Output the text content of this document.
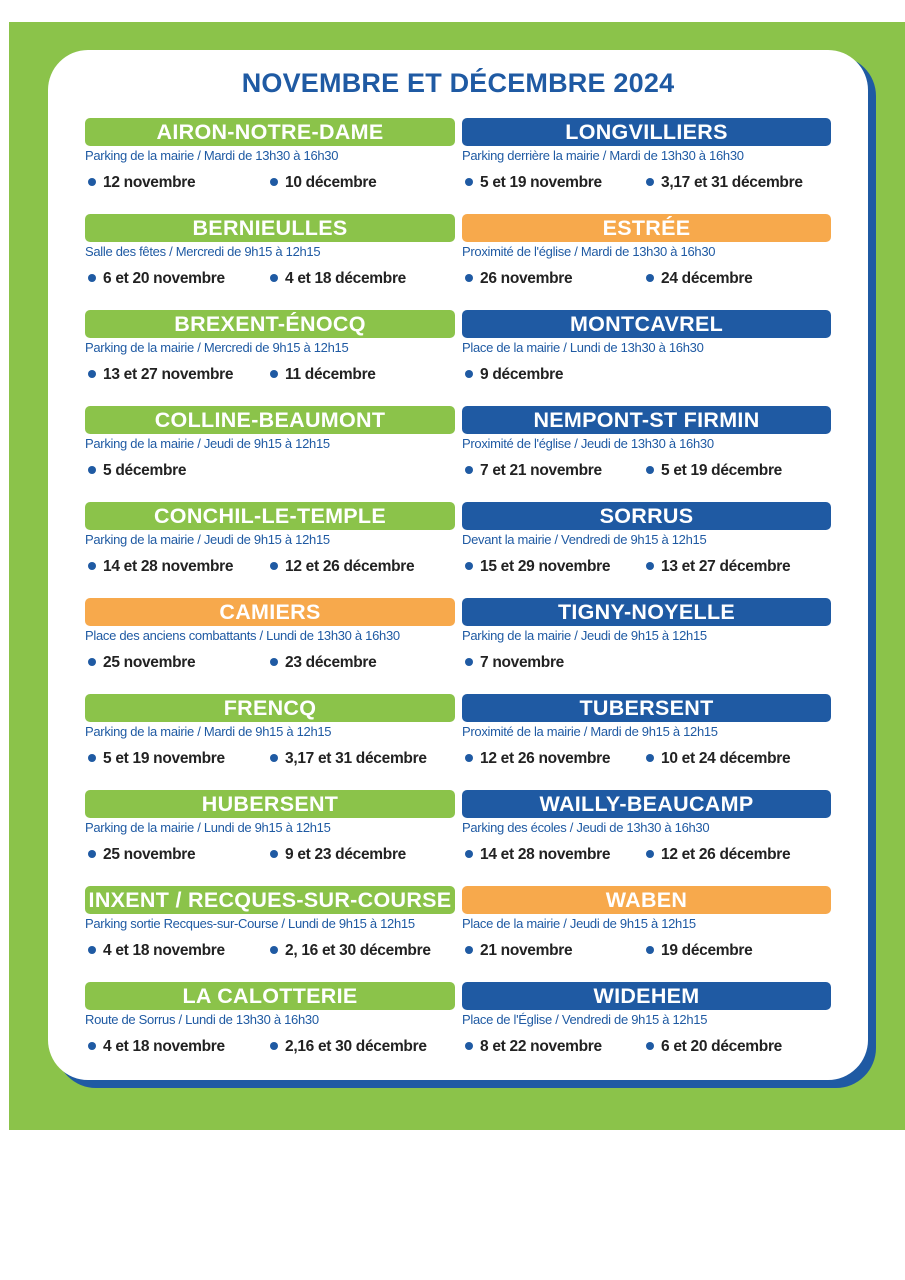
NOVEMBRE ET DÉCEMBRE 2024
AIRON-NOTRE-DAME
Parking de la mairie / Mardi de 13h30 à 16h30
12 novembre	10 décembre
BERNIEULLES
Salle des fêtes / Mercredi de 9h15 à 12h15
6 et 20 novembre	4 et 18 décembre
BREXENT-ÉNOCQ
Parking de la mairie / Mercredi de 9h15 à 12h15
13 et 27 novembre	11 décembre
COLLINE-BEAUMONT
Parking de la mairie / Jeudi de 9h15 à 12h15
5 décembre
CONCHIL-LE-TEMPLE
Parking de la mairie / Jeudi de 9h15 à 12h15
14 et 28 novembre	12 et 26 décembre
CAMIERS
Place des anciens combattants / Lundi de 13h30 à 16h30
25 novembre	23 décembre
FRENCQ
Parking de la mairie / Mardi de 9h15 à 12h15
5 et 19 novembre	3,17 et 31 décembre
HUBERSENT
Parking de la mairie / Lundi de 9h15 à 12h15
25 novembre	9 et 23 décembre
INXENT / RECQUES-SUR-COURSE
Parking sortie Recques-sur-Course / Lundi de 9h15 à 12h15
4 et 18 novembre	2, 16 et 30 décembre
LA CALOTTERIE
Route de Sorrus / Lundi de 13h30 à 16h30
4 et 18 novembre	2,16 et 30 décembre
LONGVILLIERS
Parking derrière la mairie / Mardi de 13h30 à 16h30
5 et 19 novembre	3,17 et 31 décembre
ESTRÉE
Proximité de l'église / Mardi de 13h30 à 16h30
26 novembre	24 décembre
MONTCAVREL
Place de la mairie / Lundi de 13h30 à 16h30
9 décembre
NEMPONT-ST FIRMIN
Proximité de l'église / Jeudi de 13h30 à 16h30
7 et 21 novembre	5 et 19 décembre
SORRUS
Devant la mairie / Vendredi de 9h15 à 12h15
15 et 29 novembre	13 et 27 décembre
TIGNY-NOYELLE
Parking de la mairie / Jeudi de 9h15 à 12h15
7 novembre
TUBERSENT
Proximité de la mairie / Mardi de 9h15 à 12h15
12 et 26 novembre	10 et 24 décembre
WAILLY-BEAUCAMP
Parking des écoles / Jeudi de 13h30 à 16h30
14 et 28 novembre	12 et 26 décembre
WABEN
Place de la mairie / Jeudi de 9h15 à 12h15
21 novembre	19 décembre
WIDEHEM
Place de l'Église / Vendredi de 9h15 à 12h15
8 et 22 novembre	6 et 20 décembre
